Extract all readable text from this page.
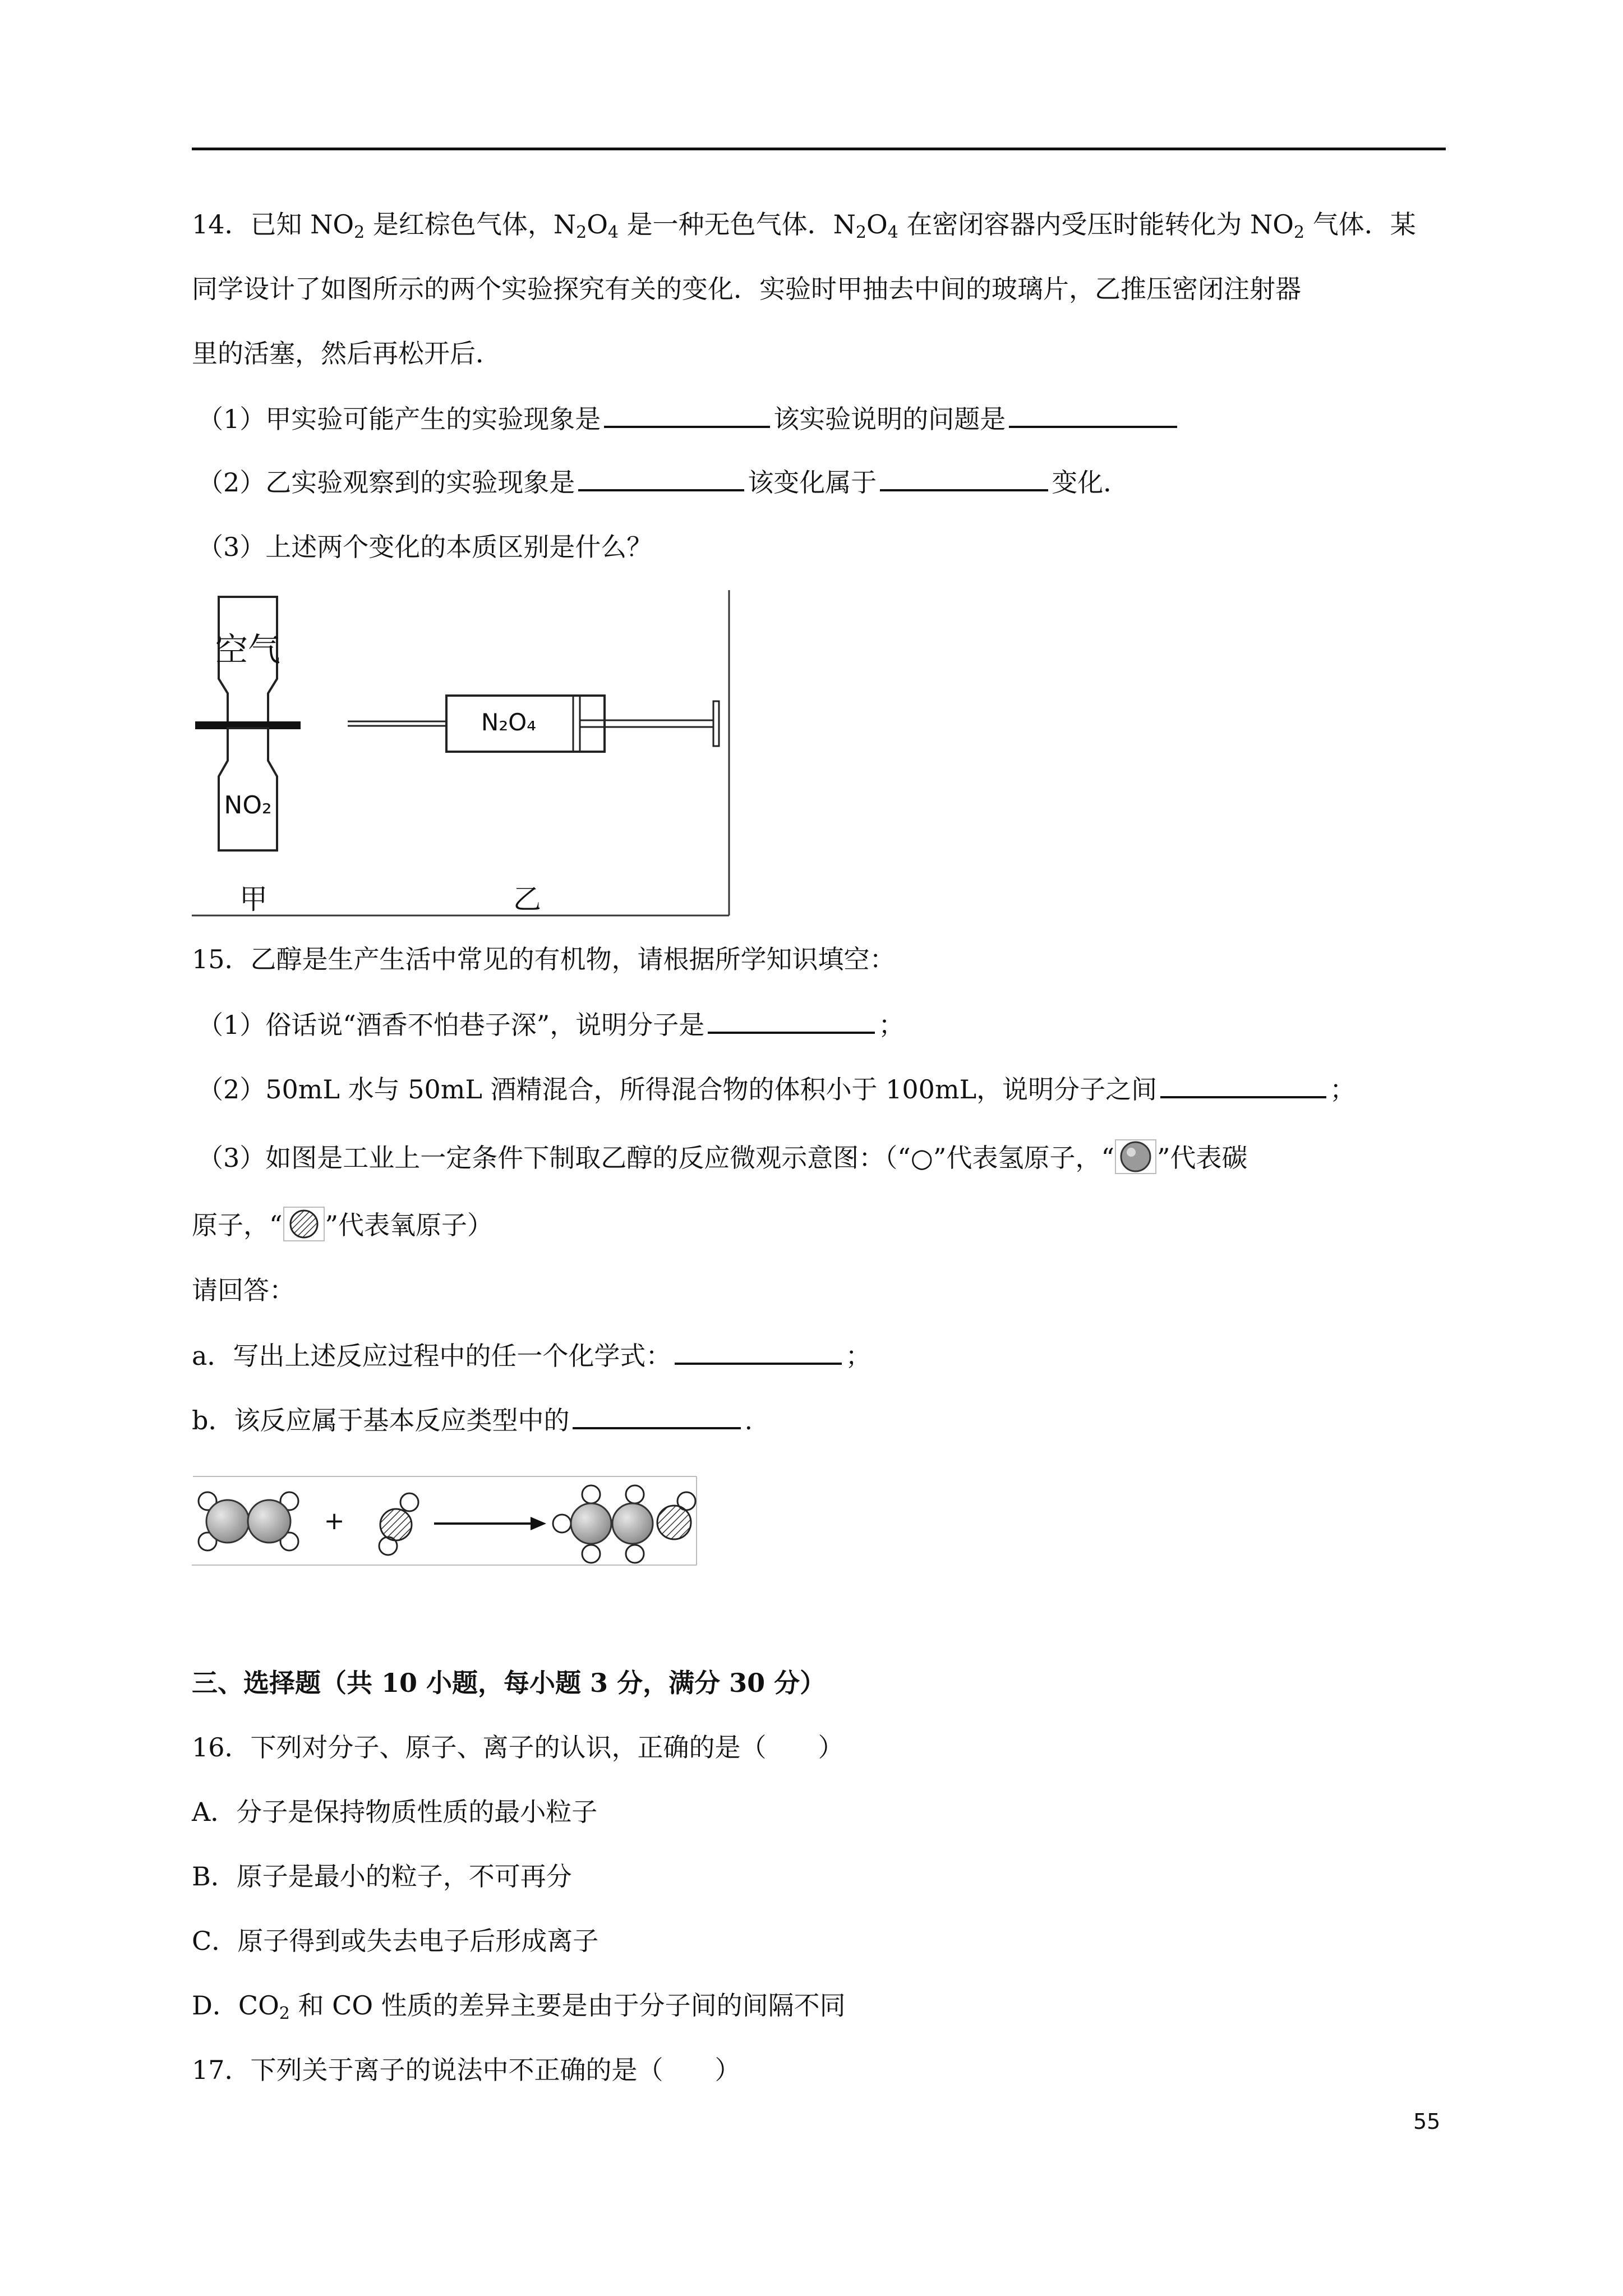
14．已知 $NO_2$ 是红棕色气体，$N_2O_4$ 是一种无色气体．$N_2O_4$ 在密闭容器内受压时能转化为 $NO_2$ 气体．某
同学设计了如图所示的两个实验探究有关的变化．实验时甲抽去中间的玻璃片，乙推压密闭注射器
里的活塞，然后再松开后．
（1）甲实验可能产生的实验现象是	该实验说明的问题是
（2）乙实验观察到的实验现象是	该变化属于	变化．
（3）上述两个变化的本质区别是什么？
空气
NO₂
甲
N₂O₄
乙
15．乙醇是生产生活中常见的有机物，请根据所学知识填空：
（1）俗话说“酒香不怕巷子深”，说明分子是	；
（2）50mL 水与 50mL 酒精混合，所得混合物的体积小于 100mL，说明分子之间	；
（3）如图是工业上一定条件下制取乙醇的反应微观示意图：（“○”代表氢原子，“ ”代表碳
原子，“ ”代表氧原子）
请回答：
a．写出上述反应过程中的任一个化学式：	；
b．该反应属于基本反应类型中的	.
+
三、选择题（共 10 小题，每小题 3 分，满分 30 分）
16．下列对分子、原子、离子的认识，正确的是（　　）
A．分子是保持物质性质的最小粒子
B．原子是最小的粒子，不可再分
C．原子得到或失去电子后形成离子
D．$CO_2$ 和 CO 性质的差异主要是由于分子间的间隔不同
17．下列关于离子的说法中不正确的是（　　）
55
